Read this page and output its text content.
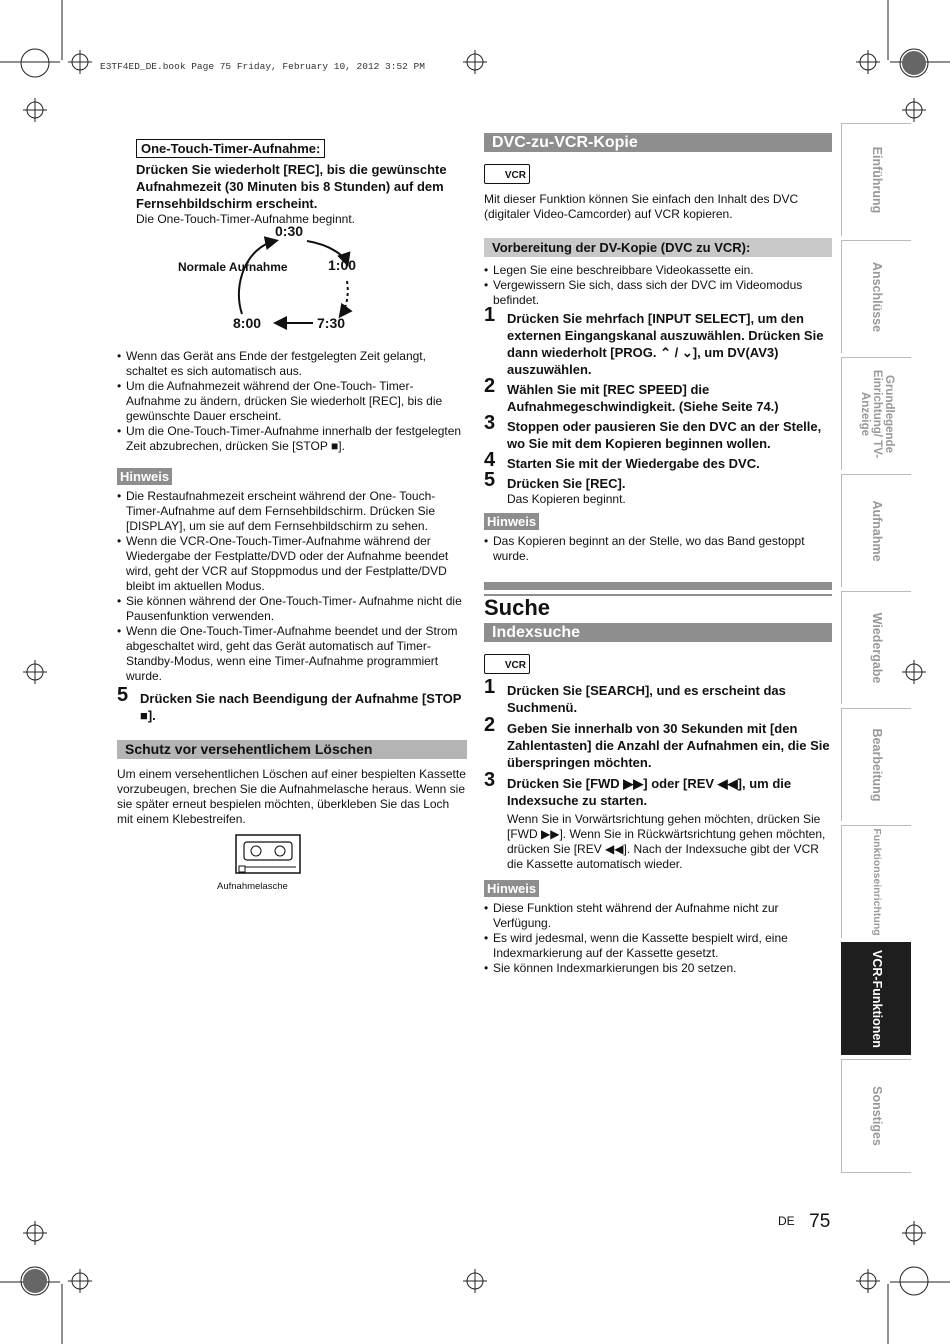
E3TF4ED_DE.book Page 75 Friday, February 10, 2012 3:52 PM
One-Touch-Timer-Aufnahme:
Drücken Sie wiederholt [REC], bis die gewünschte Aufnahmezeit (30 Minuten bis 8 Stunden) auf dem Fernsehbildschirm erscheint.
Die One-Touch-Timer-Aufnahme beginnt.
0:30
Normale Aufnahme	1:00
8:00	7:30
• Wenn das Gerät ans Ende der festgelegten Zeit gelangt, schaltet es sich automatisch aus.
• Um die Aufnahmezeit während der One-Touch- Timer-Aufnahme zu ändern, drücken Sie wiederholt [REC], bis die gewünschte Dauer erscheint.
• Um die One-Touch-Timer-Aufnahme innerhalb der festgelegten Zeit abzubrechen, drücken Sie [STOP ■].
Hinweis
• Die Restaufnahmezeit erscheint während der One- Touch-Timer-Aufnahme auf dem Fernsehbildschirm. Drücken Sie [DISPLAY], um sie auf dem Fernsehbildschirm zu sehen.
• Wenn die VCR-One-Touch-Timer-Aufnahme während der Wiedergabe der Festplatte/DVD oder der Aufnahme beendet wird, geht der VCR auf Stoppmodus und der Festplatte/DVD bleibt im aktuellen Modus.
• Sie können während der One-Touch-Timer- Aufnahme nicht die Pausenfunktion verwenden.
• Wenn die One-Touch-Timer-Aufnahme beendet und der Strom abgeschaltet wird, geht das Gerät automatisch auf Timer-Standby-Modus, wenn eine Timer-Aufnahme programmiert wurde.
5 Drücken Sie nach Beendigung der Aufnahme [STOP ■].
Schutz vor versehentlichem Löschen
Um einem versehentlichen Löschen auf einer bespielten Kassette vorzubeugen, brechen Sie die Aufnahmelasche heraus. Wenn sie sie später erneut bespielen möchten, überkleben Sie das Loch mit einem Klebestreifen.
Aufnahmelasche
DVC-zu-VCR-Kopie
VCR
Mit dieser Funktion können Sie einfach den Inhalt des DVC (digitaler Video-Camcorder) auf VCR kopieren.
Vorbereitung der DV-Kopie (DVC zu VCR):
• Legen Sie eine beschreibbare Videokassette ein.
• Vergewissern Sie sich, dass sich der DVC im Videomodus befindet.
1 Drücken Sie mehrfach [INPUT SELECT], um den externen Eingangskanal auszuwählen. Drücken Sie dann wiederholt [PROG. ⌃ / ⌄], um DV(AV3) auszuwählen.
2 Wählen Sie mit [REC SPEED] die Aufnahmegeschwindigkeit. (Siehe Seite 74.)
3 Stoppen oder pausieren Sie den DVC an der Stelle, wo Sie mit dem Kopieren beginnen wollen.
4 Starten Sie mit der Wiedergabe des DVC.
5 Drücken Sie [REC].
Das Kopieren beginnt.
Hinweis
• Das Kopieren beginnt an der Stelle, wo das Band gestoppt wurde.
Suche
Indexsuche
VCR
1 Drücken Sie [SEARCH], und es erscheint das Suchmenü.
2 Geben Sie innerhalb von 30 Sekunden mit [den Zahlentasten] die Anzahl der Aufnahmen ein, die Sie überspringen möchten.
3 Drücken Sie [FWD ▶▶] oder [REV ◀◀], um die Indexsuche zu starten.
Wenn Sie in Vorwärtsrichtung gehen möchten, drücken Sie [FWD ▶▶]. Wenn Sie in Rückwärtsrichtung gehen möchten, drücken Sie [REV ◀◀]. Nach der Indexsuche gibt der VCR die Kassette automatisch wieder.
Hinweis
• Diese Funktion steht während der Aufnahme nicht zur Verfügung.
• Es wird jedesmal, wenn die Kassette bespielt wird, eine Indexmarkierung auf der Kassette gesetzt.
• Sie können Indexmarkierungen bis 20 setzen.
Einführung
Anschlüsse
Grundlegende Einrichtung/ TV-Anzeige
Aufnahme
Wiedergabe
Bearbeitung
Funktionseinrichtung
VCR-Funktionen
Sonstiges
DE 75
